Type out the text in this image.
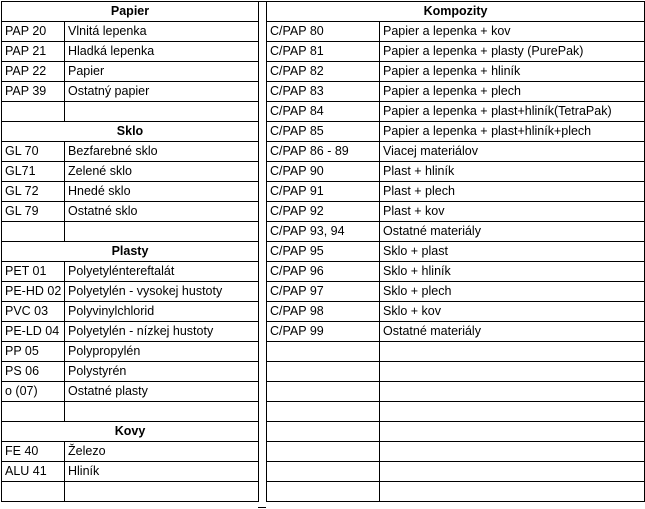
Papier	
PAP 20	Vlnitá lepenka
PAP 21	Hladká lepenka
PAP 22	Papier
PAP 39	Ostatný papier

Sklo	
GL 70	Bezfarebné sklo
GL71	Zelené sklo
GL 72	Hnedé sklo
GL 79	Ostatné sklo

Plasty	
PET 01	Polyetyléntereftalát
PE-HD 02	Polyetylén - vysokej hustoty
PVC 03	Polyvinylchlorid
PE-LD 04	Polyetylén - nízkej hustoty
PP 05	Polypropylén
PS 06	Polystyrén
o (07)	Ostatné plasty

Kovy	
FE 40	Železo
ALU 41	Hliník

Kompozity	
C/PAP 80	Papier a lepenka + kov
C/PAP 81	Papier a lepenka + plasty (PurePak)
C/PAP 82	Papier a lepenka + hliník
C/PAP 83	Papier a lepenka + plech
C/PAP 84	Papier a lepenka + plast+hliník(TetraPak)
C/PAP 85	Papier a lepenka + plast+hliník+plech
C/PAP 86 - 89	Viacej materiálov
C/PAP 90	Plast + hliník
C/PAP 91	Plast + plech
C/PAP 92	Plast + kov
C/PAP 93, 94	Ostatné materiály
C/PAP 95	Sklo + plast
C/PAP 96	Sklo + hliník
C/PAP 97	Sklo + plech
C/PAP 98	Sklo + kov
C/PAP 99	Ostatné materiály
